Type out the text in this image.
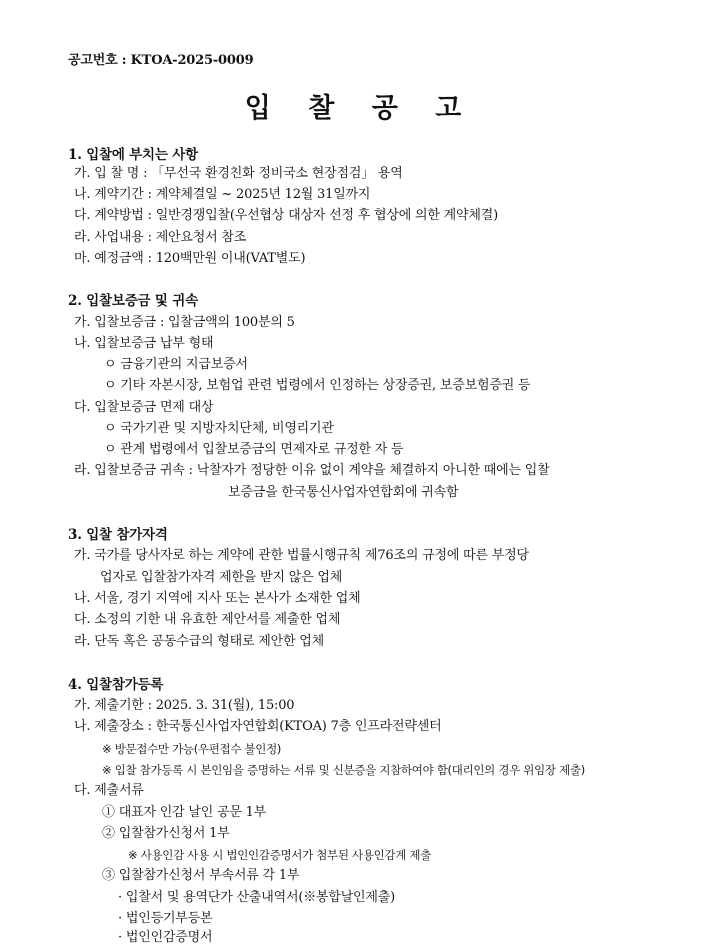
공고번호 : KTOA-2025-0009
입 찰 공 고
1. 입찰에 부치는 사항
가. 입 찰 명 : 「무선국 환경친화 정비국소 현장점검」 용역
나. 계약기간 : 계약체결일 ~ 2025년 12월 31일까지
다. 계약방법 : 일반경쟁입찰(우선협상 대상자 선정 후 협상에 의한 계약체결)
라. 사업내용 : 제안요청서 참조
마. 예정금액 : 120백만원 이내(VAT별도)
2. 입찰보증금 및 귀속
가. 입찰보증금 : 입찰금액의 100분의 5
나. 입찰보증금 납부 형태
ㅇ 금융기관의 지급보증서
ㅇ 기타 자본시장, 보험업 관련 법령에서 인정하는 상장증권, 보증보험증권 등
다. 입찰보증금 면제 대상
ㅇ 국가기관 및 지방자치단체, 비영리기관
ㅇ 관계 법령에서 입찰보증금의 면제자로 규정한 자 등
라. 입찰보증금 귀속 : 낙찰자가 정당한 이유 없이 계약을 체결하지 아니한 때에는 입찰
보증금을 한국통신사업자연합회에 귀속함
3. 입찰 참가자격
가. 국가를 당사자로 하는 계약에 관한 법률시행규칙 제76조의 규정에 따른 부정당
업자로 입찰참가자격 제한을 받지 않은 업체
나. 서울, 경기 지역에 지사 또는 본사가 소재한 업체
다. 소정의 기한 내 유효한 제안서를 제출한 업체
라. 단독 혹은 공동수급의 형태로 제안한 업체
4. 입찰참가등록
가. 제출기한 : 2025. 3. 31(월), 15:00
나. 제출장소 : 한국통신사업자연합회(KTOA) 7층 인프라전략센터
※ 방문접수만 가능(우편접수 불인정)
※ 입찰 참가등록 시 본인임을 증명하는 서류 및 신분증을 지참하여야 함(대리인의 경우 위임장 제출)
다. 제출서류
① 대표자 인감 날인 공문 1부
② 입찰참가신청서 1부
※ 사용인감 사용 시 법인인감증명서가 첨부된 사용인감계 제출
③ 입찰참가신청서 부속서류 각 1부
· 입찰서 및 용역단가 산출내역서(※봉합날인제출)
· 법인등기부등본
· 법인인감증명서
